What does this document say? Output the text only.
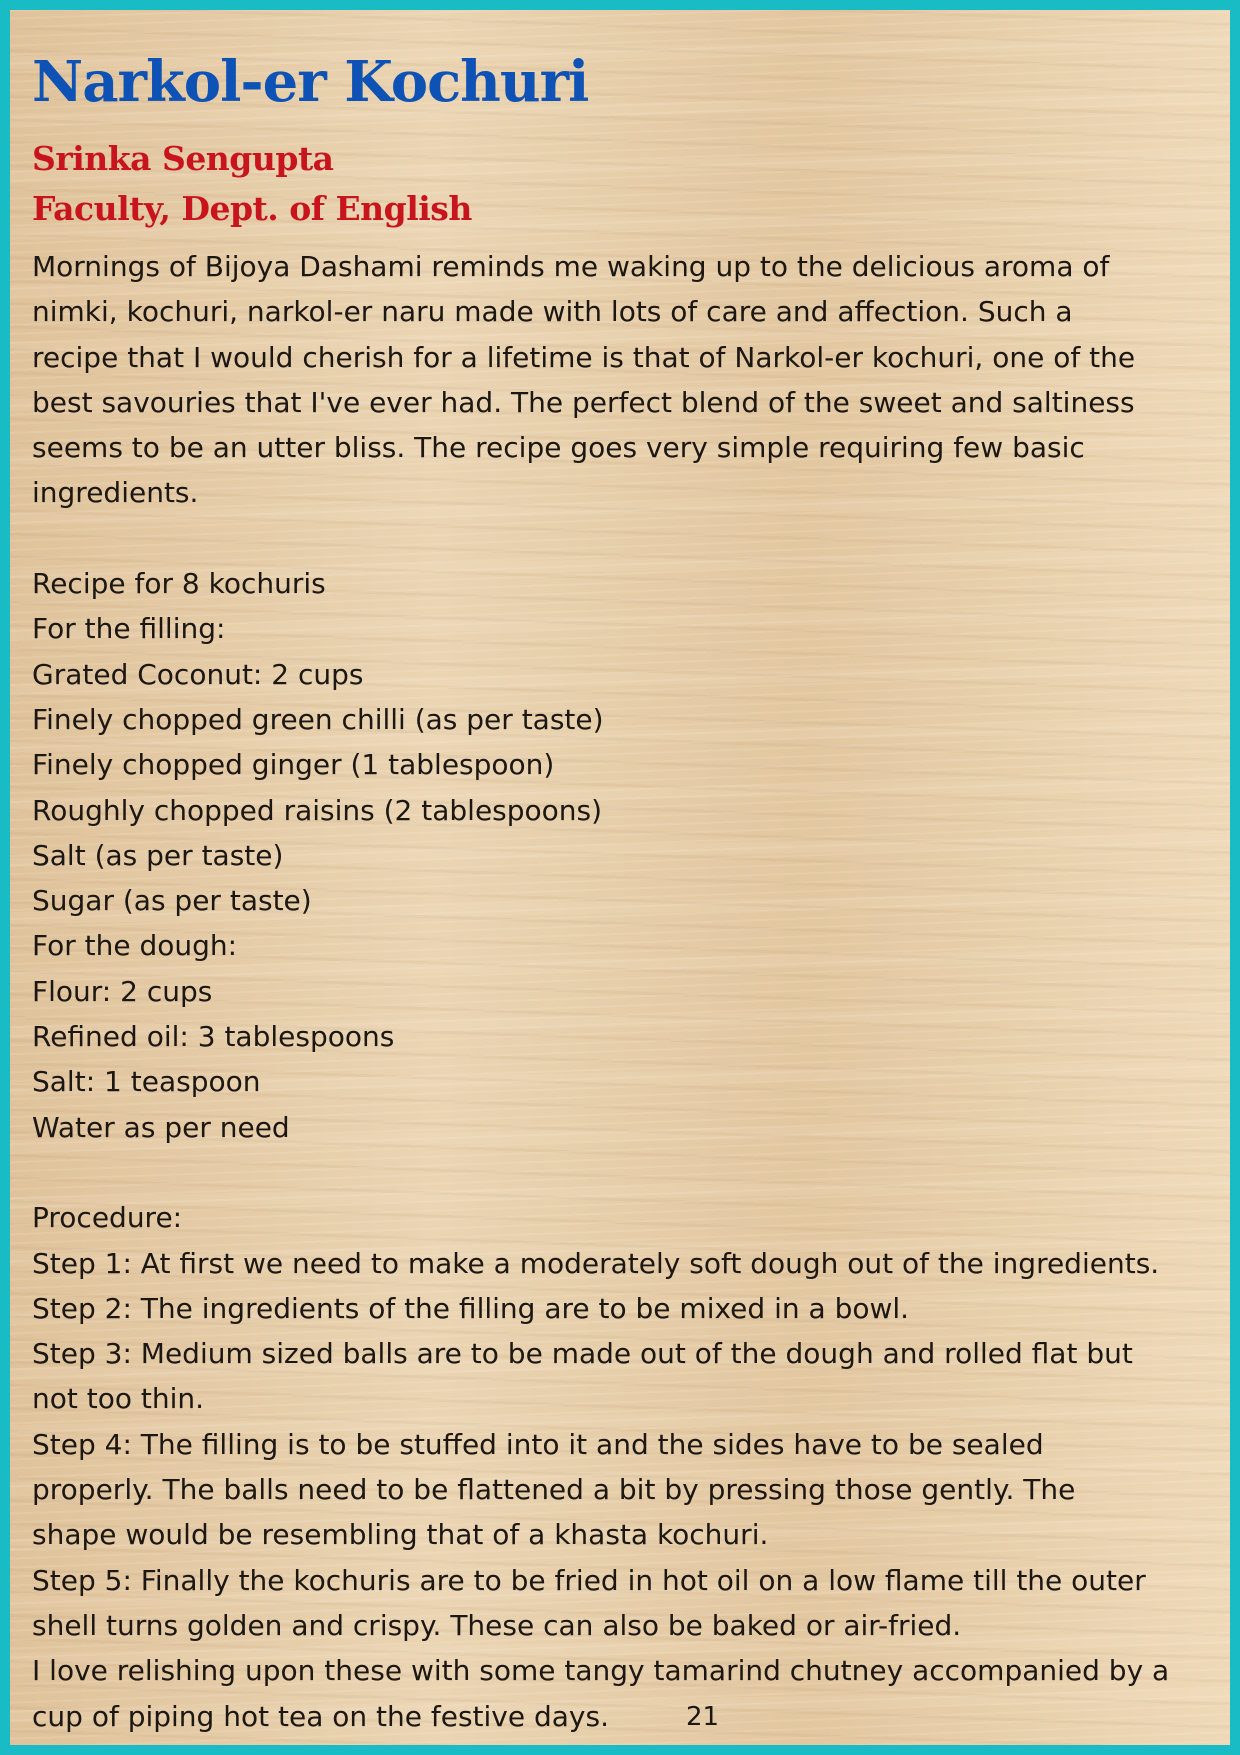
Narkol-er Kochuri
Srinka Sengupta
Faculty, Dept. of English
Mornings of Bijoya Dashami reminds me waking up to the delicious aroma of
nimki, kochuri, narkol-er naru made with lots of care and affection. Such a
recipe that I would cherish for a lifetime is that of Narkol-er kochuri, one of the
best savouries that I've ever had. The perfect blend of the sweet and saltiness
seems to be an utter bliss. The recipe goes very simple requiring few basic
ingredients.
Recipe for 8 kochuris
For the filling:
Grated Coconut: 2 cups
Finely chopped green chilli (as per taste)
Finely chopped ginger (1 tablespoon)
Roughly chopped raisins (2 tablespoons)
Salt (as per taste)
Sugar (as per taste)
For the dough:
Flour: 2 cups
Refined oil: 3 tablespoons
Salt: 1 teaspoon
Water as per need
Procedure:
Step 1: At first we need to make a moderately soft dough out of the ingredients.
Step 2: The ingredients of the filling are to be mixed in a bowl.
Step 3: Medium sized balls are to be made out of the dough and rolled flat but
not too thin.
Step 4: The filling is to be stuffed into it and the sides have to be sealed
properly. The balls need to be flattened a bit by pressing those gently. The
shape would be resembling that of a khasta kochuri.
Step 5: Finally the kochuris are to be fried in hot oil on a low flame till the outer
shell turns golden and crispy. These can also be baked or air-fried.
I love relishing upon these with some tangy tamarind chutney accompanied by a
cup of piping hot tea on the festive days.	21
